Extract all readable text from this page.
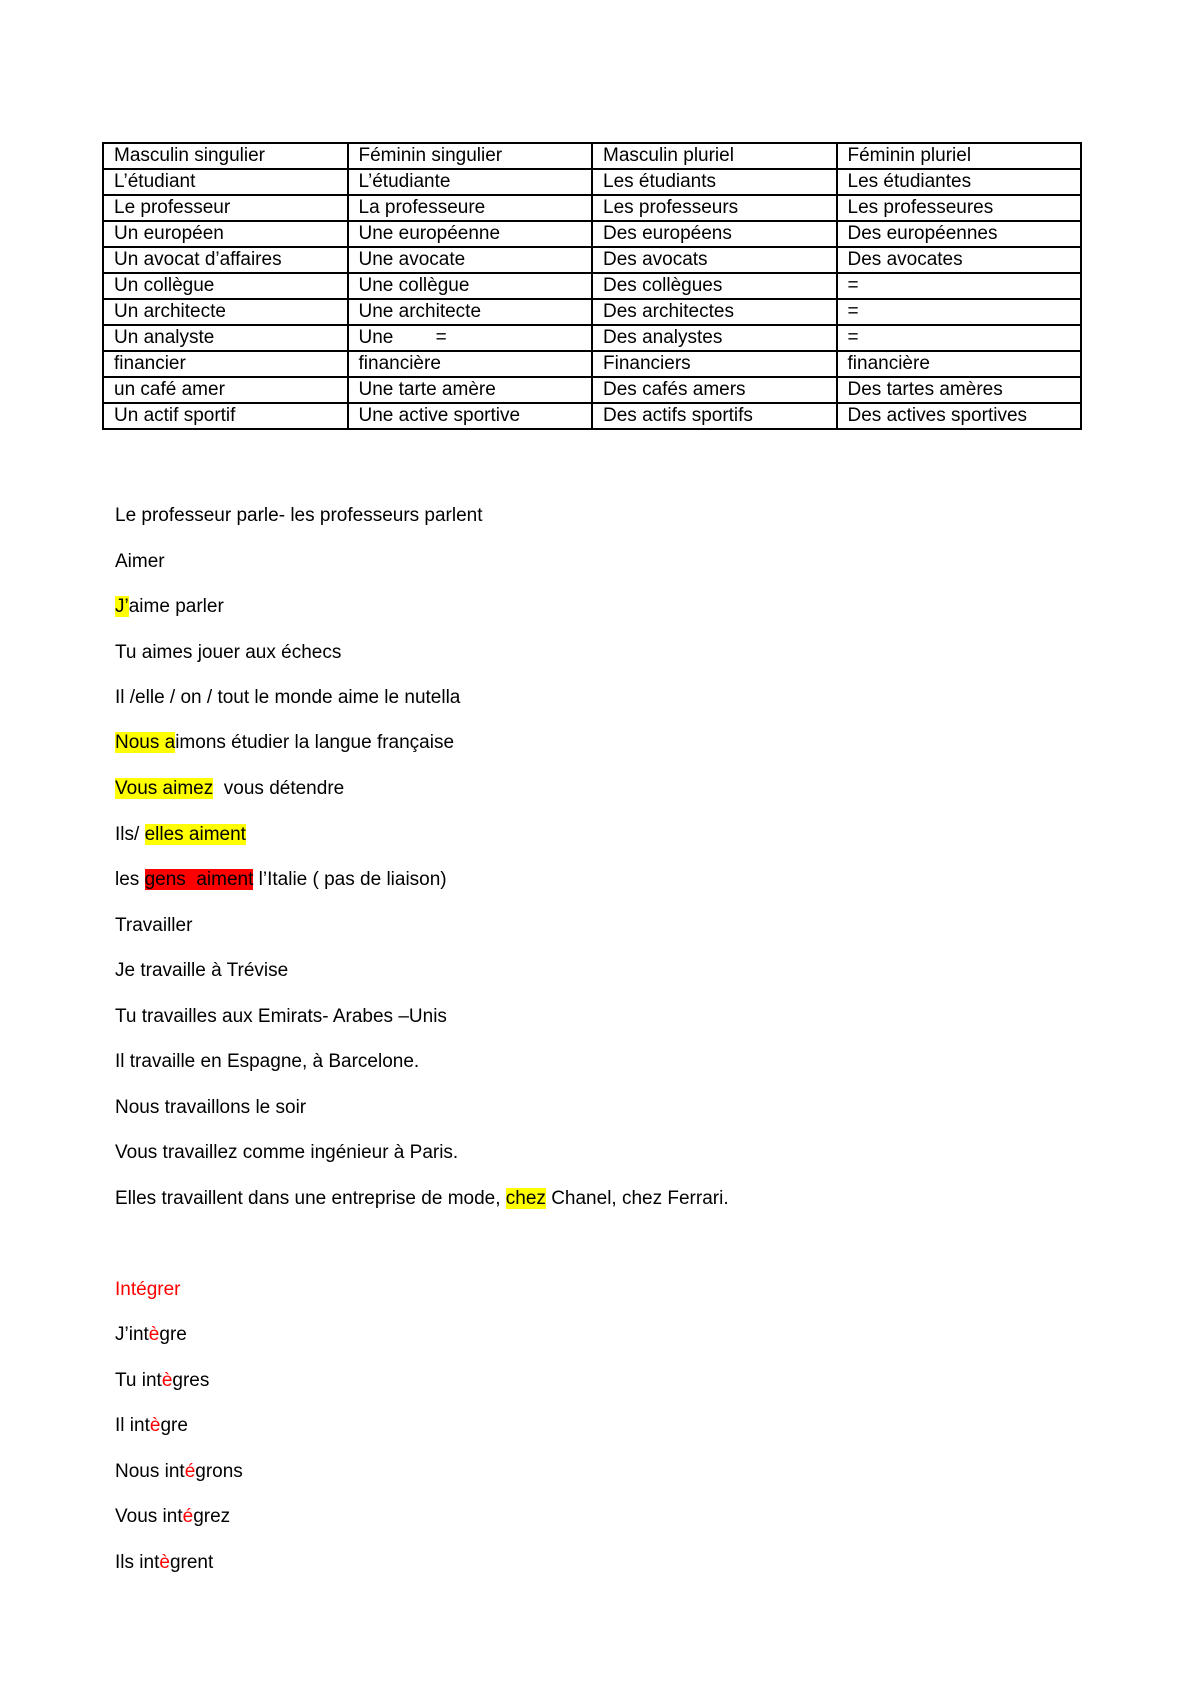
Masculin singulier	Féminin singulier	Masculin pluriel	Féminin pluriel
L’étudiant	L’étudiante	Les étudiants	Les étudiantes
Le professeur	La professeure	Les professeurs	Les professeures
Un européen	Une européenne	Des européens	Des européennes
Un avocat d’affaires	Une avocate	Des avocats	Des avocates
Un collègue	Une collègue	Des collègues	=
Un architecte	Une architecte	Des architectes	=
Un analyste	Une        =	Des analystes	=
financier	financière	Financiers	financière
un café amer	Une tarte amère	Des cafés amers	Des tartes amères
Un actif sportif	Une active sportive	Des actifs sportifs	Des actives sportives
Le professeur parle- les professeurs parlent
Aimer
J’aime parler
Tu aimes jouer aux échecs
Il /elle / on / tout le monde aime le nutella
Nous aimons étudier la langue française
Vous aimez  vous détendre
Ils/ elles aiment
les gens  aiment l’Italie ( pas de liaison)
Travailler
Je travaille à Trévise
Tu travailles aux Emirats- Arabes –Unis
Il travaille en Espagne, à Barcelone.
Nous travaillons le soir
Vous travaillez comme ingénieur à Paris.
Elles travaillent dans une entreprise de mode, chez Chanel, chez Ferrari.
Intégrer
J’intègre
Tu intègres
Il intègre
Nous intégrons
Vous intégrez
Ils intègrent
